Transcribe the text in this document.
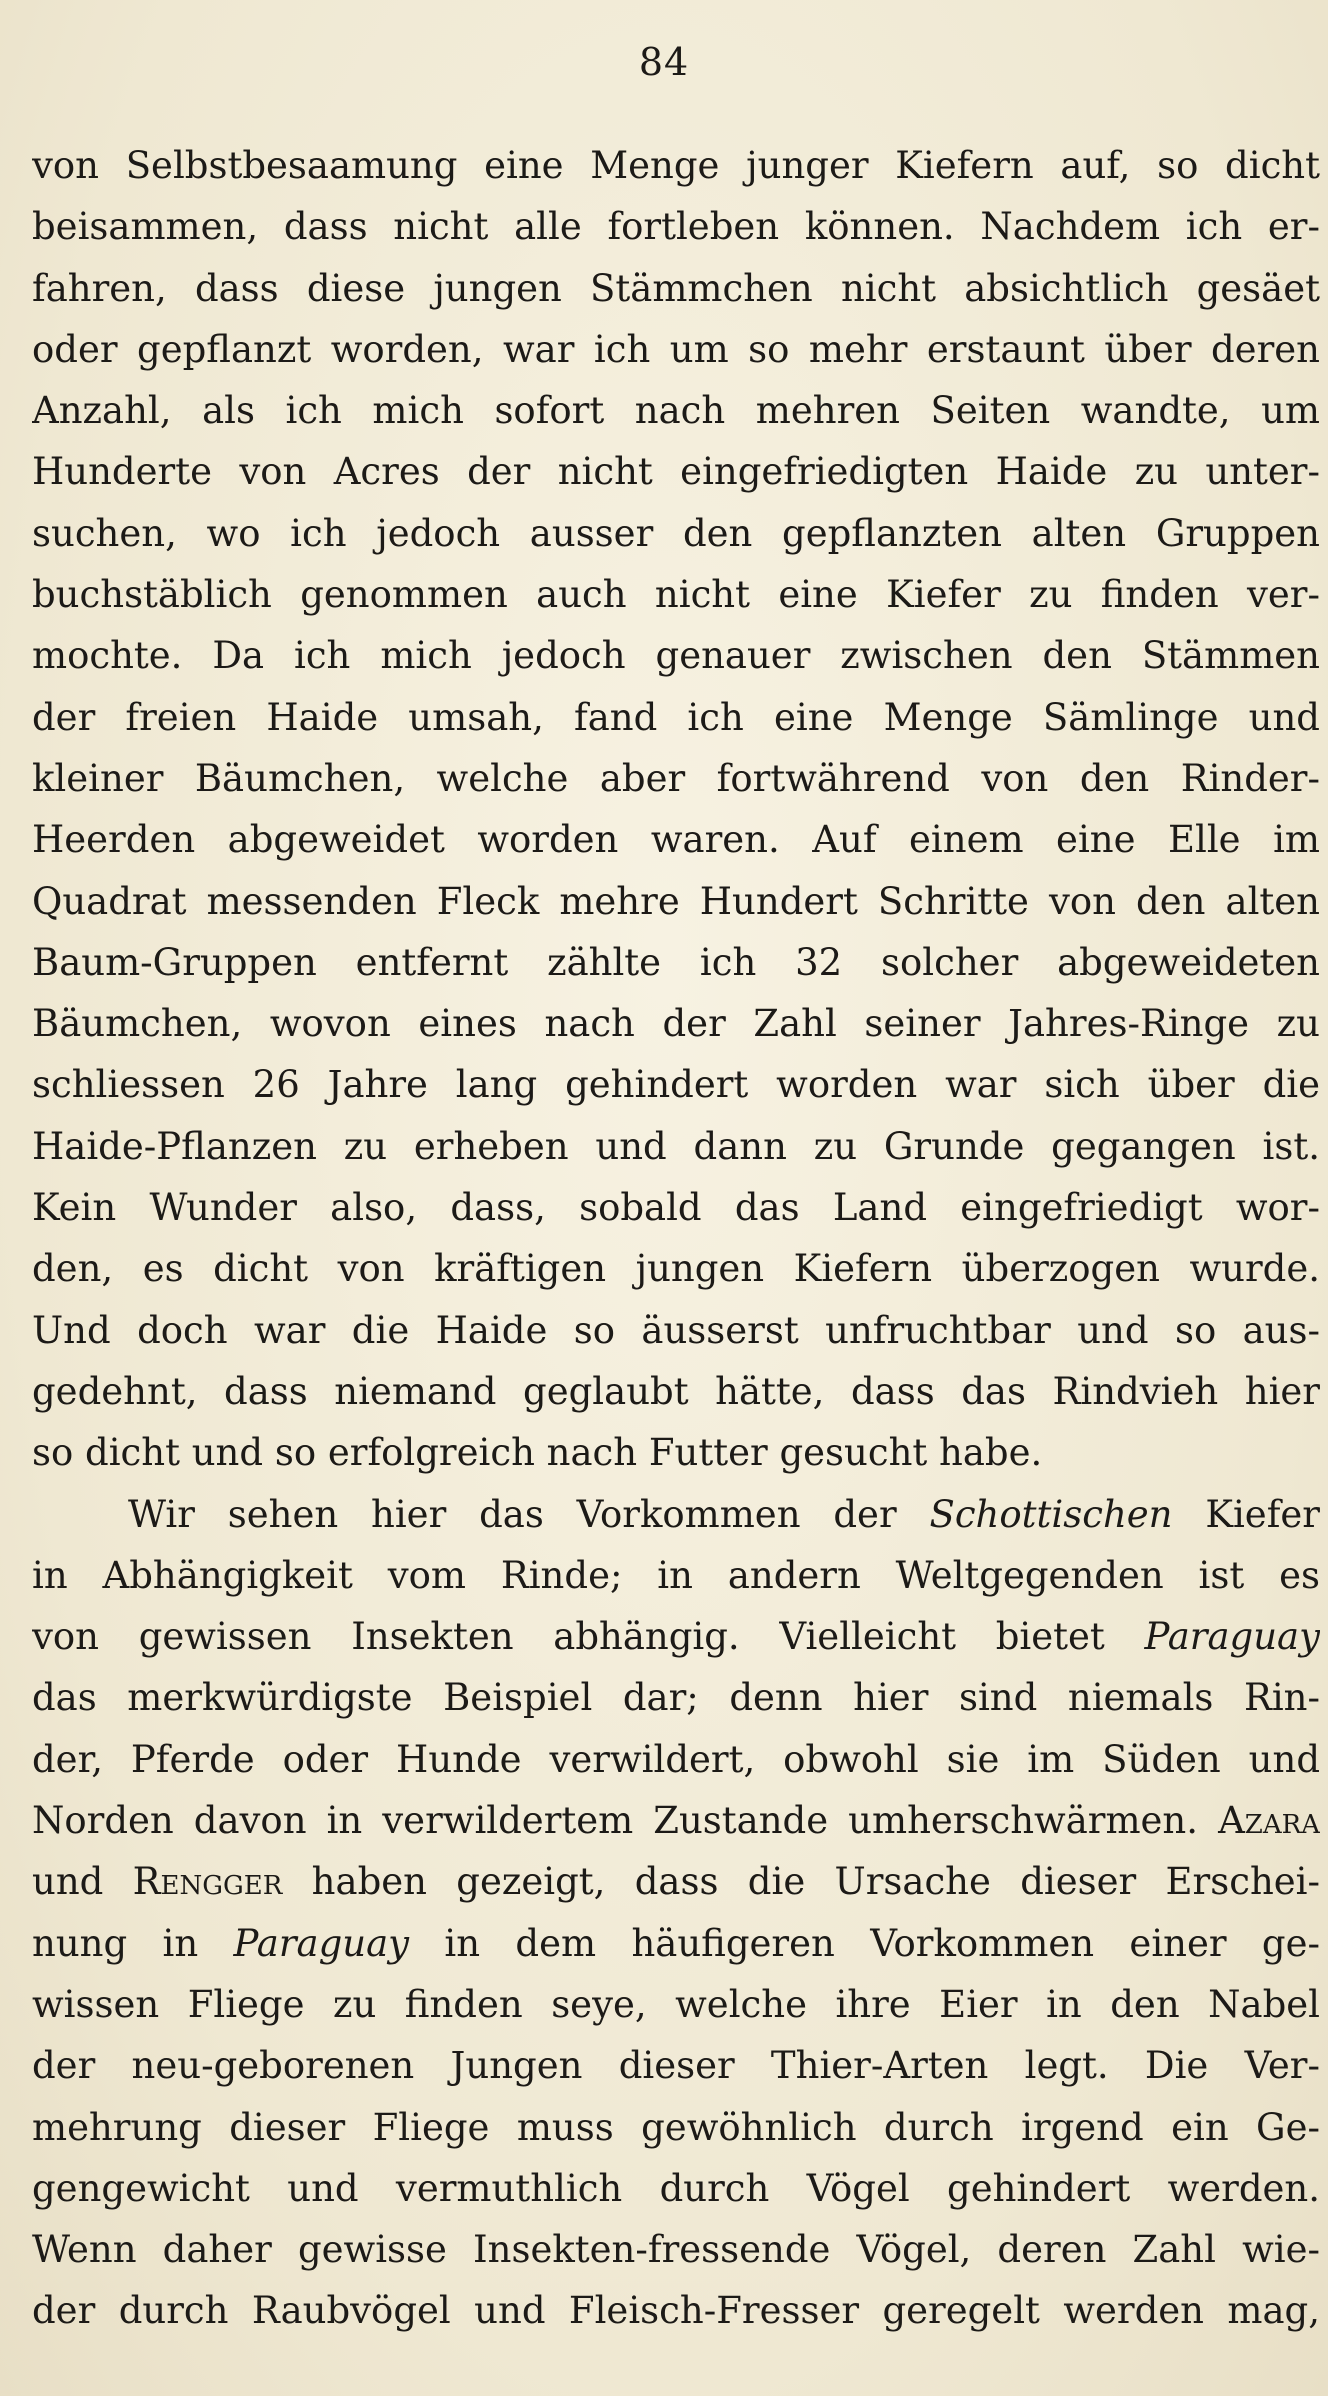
84
von Selbstbesaamung eine Menge junger Kiefern auf, so dicht
beisammen, dass nicht alle fortleben können. Nachdem ich er-
fahren, dass diese jungen Stämmchen nicht absichtlich gesäet
oder gepflanzt worden, war ich um so mehr erstaunt über deren
Anzahl, als ich mich sofort nach mehren Seiten wandte, um
Hunderte von Acres der nicht eingefriedigten Haide zu unter-
suchen, wo ich jedoch ausser den gepflanzten alten Gruppen
buchstäblich genommen auch nicht eine Kiefer zu finden ver-
mochte. Da ich mich jedoch genauer zwischen den Stämmen
der freien Haide umsah, fand ich eine Menge Sämlinge und
kleiner Bäumchen, welche aber fortwährend von den Rinder-
Heerden abgeweidet worden waren. Auf einem eine Elle im
Quadrat messenden Fleck mehre Hundert Schritte von den alten
Baum-Gruppen entfernt zählte ich 32 solcher abgeweideten
Bäumchen, wovon eines nach der Zahl seiner Jahres-Ringe zu
schliessen 26 Jahre lang gehindert worden war sich über die
Haide-Pflanzen zu erheben und dann zu Grunde gegangen ist.
Kein Wunder also, dass, sobald das Land eingefriedigt wor-
den, es dicht von kräftigen jungen Kiefern überzogen wurde.
Und doch war die Haide so äusserst unfruchtbar und so aus-
gedehnt, dass niemand geglaubt hätte, dass das Rindvieh hier
so dicht und so erfolgreich nach Futter gesucht habe.
Wir sehen hier das Vorkommen der Schottischen Kiefer
in Abhängigkeit vom Rinde; in andern Weltgegenden ist es
von gewissen Insekten abhängig. Vielleicht bietet Paraguay
das merkwürdigste Beispiel dar; denn hier sind niemals Rin-
der, Pferde oder Hunde verwildert, obwohl sie im Süden und
Norden davon in verwildertem Zustande umherschwärmen. Azara
und Rengger haben gezeigt, dass die Ursache dieser Erschei-
nung in Paraguay in dem häufigeren Vorkommen einer ge-
wissen Fliege zu finden seye, welche ihre Eier in den Nabel
der neu-geborenen Jungen dieser Thier-Arten legt. Die Ver-
mehrung dieser Fliege muss gewöhnlich durch irgend ein Ge-
gengewicht und vermuthlich durch Vögel gehindert werden.
Wenn daher gewisse Insekten-fressende Vögel, deren Zahl wie-
der durch Raubvögel und Fleisch-Fresser geregelt werden mag,
